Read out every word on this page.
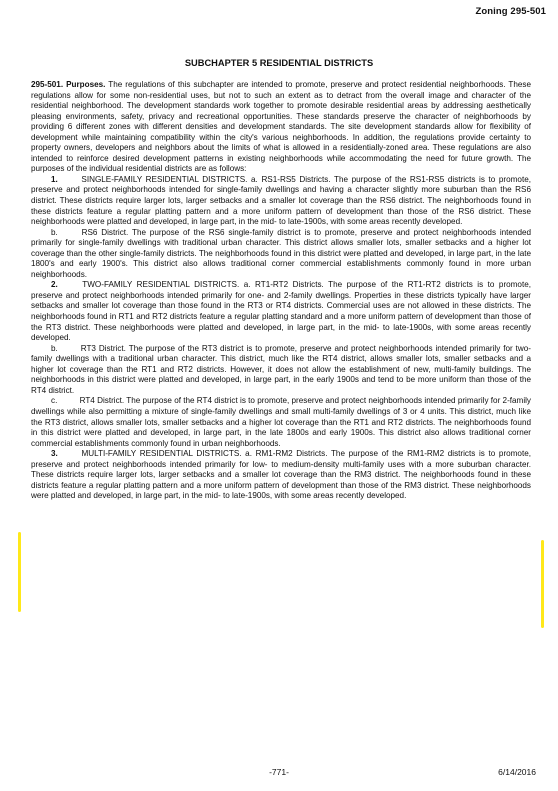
Zoning 295-501
SUBCHAPTER 5 RESIDENTIAL DISTRICTS

295-501. Purposes. The regulations of this subchapter are intended to promote, preserve and protect residential neighborhoods. These regulations allow for some non-residential uses, but not to such an extent as to detract from the overall image and character of the residential neighborhood. The development standards work together to promote desirable residential areas by addressing aesthetically pleasing environments, safety, privacy and recreational opportunities. These standards preserve the character of neighborhoods by providing 6 different zones with different densities and development standards. The site development standards allow for flexibility of development while maintaining compatibility within the city's various neighborhoods. In addition, the regulations provide certainty to property owners, developers and neighbors about the limits of what is allowed in a residentially-zoned area. These regulations are also intended to reinforce desired development patterns in existing neighborhoods while accommodating the need for future growth. The purposes of the individual residential districts are as follows:

1.	SINGLE-FAMILY RESIDENTIAL DISTRICTS. a. RS1-RS5 Districts. The purpose of the RS1-RS5 districts is to promote, preserve and protect neighborhoods intended for single-family dwellings and having a character slightly more suburban than the RS6 district. These districts require larger lots, larger setbacks and a smaller lot coverage than the RS6 district. The neighborhoods found in these districts feature a regular platting pattern and a more uniform pattern of development than those of the RS6 district. These neighborhoods were platted and developed, in large part, in the mid- to late-1900s, with some areas recently developed.

b.	RS6 District. The purpose of the RS6 single-family district is to promote, preserve and protect neighborhoods intended primarily for single-family dwellings with traditional urban character. This district allows smaller lots, smaller setbacks and a higher lot coverage than the other single-family districts. The neighborhoods found in this district were platted and developed, in large part, in the late 1800's and early 1900's. This district also allows traditional corner commercial establishments commonly found in more urban neighborhoods.

2.	TWO-FAMILY RESIDENTIAL DISTRICTS. a. RT1-RT2 Districts. The purpose of the RT1-RT2 districts is to promote, preserve and protect neighborhoods intended primarily for one- and 2-family dwellings. Properties in these districts typically have larger setbacks and smaller lot coverage than those found in the RT3 or RT4 districts. Commercial uses are not allowed in these districts. The neighborhoods found in RT1 and RT2 districts feature a regular platting standard and a more uniform pattern of development than those of the RT3 district. These neighborhoods were platted and developed, in large part, in the mid- to late-1900s, with some areas recently developed.

b.	RT3 District. The purpose of the RT3 district is to promote, preserve and protect neighborhoods intended primarily for two-family dwellings with a traditional urban character. This district, much like the RT4 district, allows smaller lots, smaller setbacks and a higher lot coverage than the RT1 and RT2 districts. However, it does not allow the establishment of new, multi-family buildings. The neighborhoods in this district were platted and developed, in large part, in the early 1900s and tend to be more uniform than those of the RT4 district.

c.	RT4 District. The purpose of the RT4 district is to promote, preserve and protect neighborhoods intended primarily for 2-family dwellings while also permitting a mixture of single-family dwellings and small multi-family dwellings of 3 or 4 units. This district, much like the RT3 district, allows smaller lots, smaller setbacks and a higher lot coverage than the RT1 and RT2 districts. The neighborhoods found in this district were platted and developed, in large part, in the late 1800s and early 1900s. This district also allows traditional corner commercial establishments commonly found in urban neighborhoods.

3.	MULTI-FAMILY RESIDENTIAL DISTRICTS. a. RM1-RM2 Districts. The purpose of the RM1-RM2 districts is to promote, preserve and protect neighborhoods intended primarily for low- to medium-density multi-family uses with a more suburban character. These districts require larger lots, larger setbacks and a smaller lot coverage than the RM3 district. The neighborhoods found in these districts feature a regular platting pattern and a more uniform pattern of development than those of the RM3 district. These neighborhoods were platted and developed, in large part, in the mid- to late-1900s, with some areas recently developed.

-771-	6/14/2016
